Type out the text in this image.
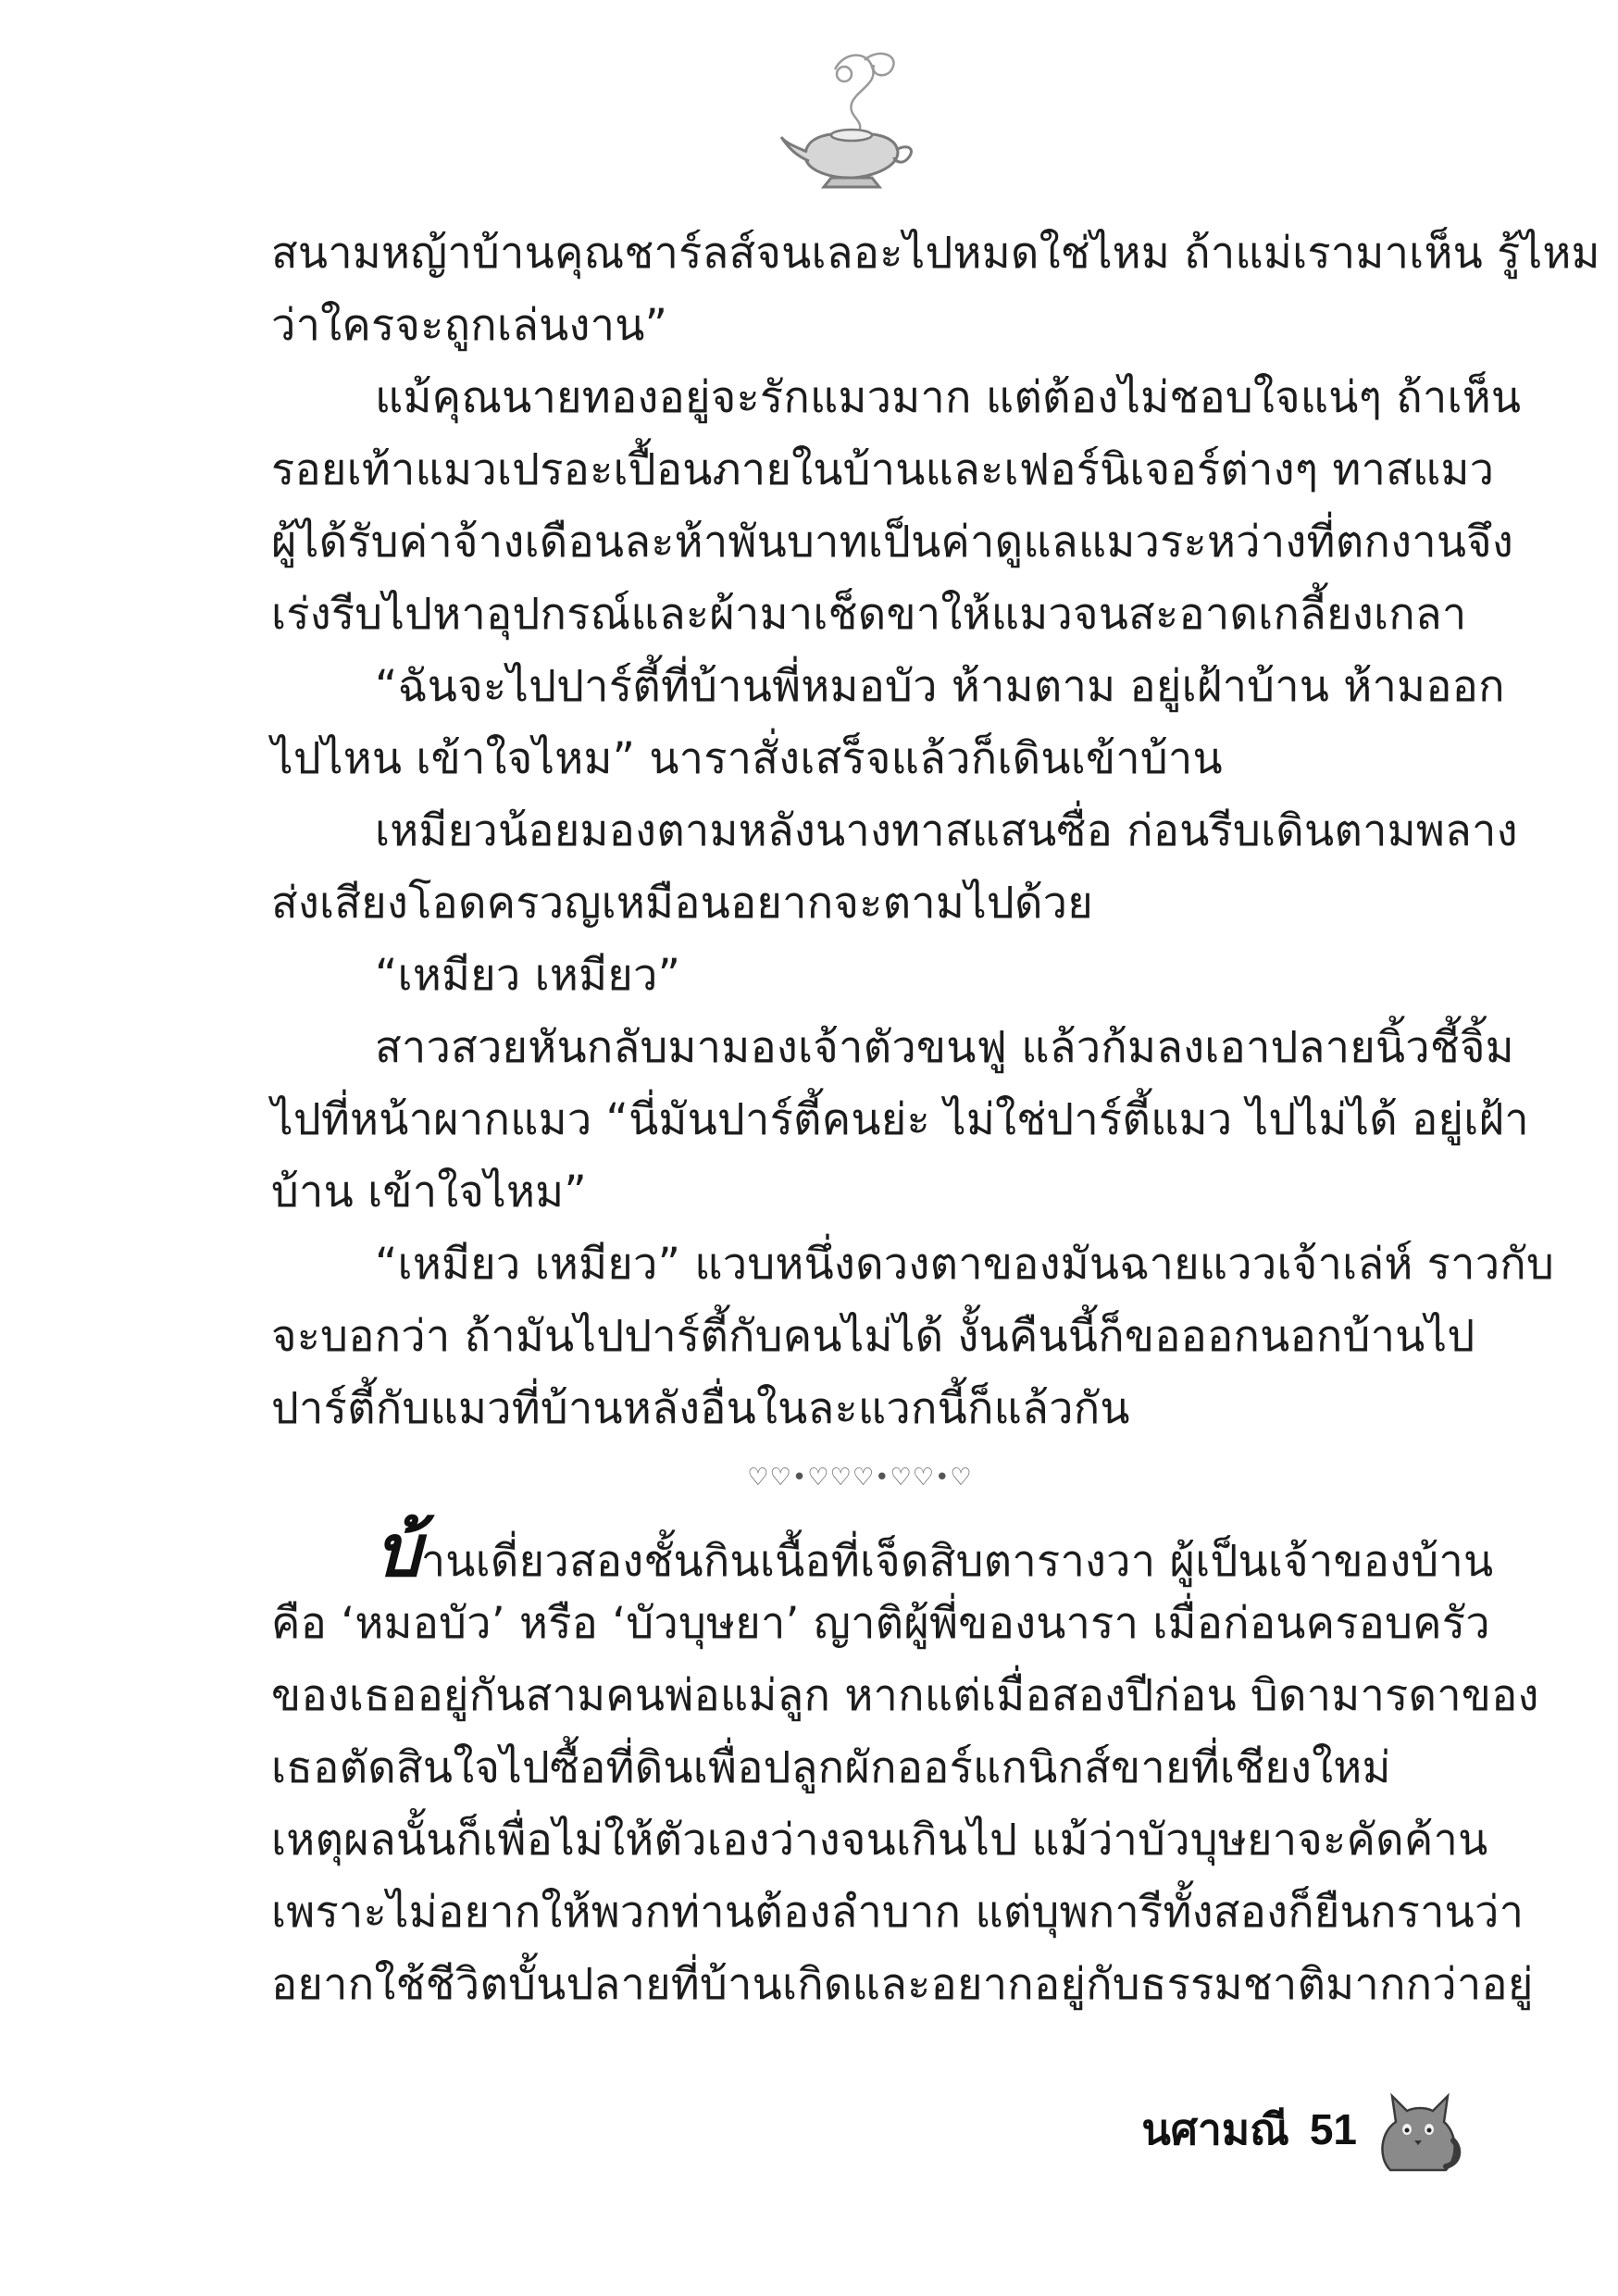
สนามหญ้าบ้านคุณชาร์ลส์จนเลอะไปหมดใช่ไหม ถ้าแม่เรามาเห็น รู้ไหม
ว่าใครจะถูกเล่นงาน”
แม้คุณนายทองอยู่จะรักแมวมาก แต่ต้องไม่ชอบใจแน่ๆ ถ้าเห็น
รอยเท้าแมวเปรอะเปื้อนภายในบ้านและเฟอร์นิเจอร์ต่างๆ ทาสแมว
ผู้ได้รับค่าจ้างเดือนละห้าพันบาทเป็นค่าดูแลแมวระหว่างที่ตกงานจึง
เร่งรีบไปหาอุปกรณ์และผ้ามาเช็ดขาให้แมวจนสะอาดเกลี้ยงเกลา
“ฉันจะไปปาร์ตี้ที่บ้านพี่หมอบัว ห้ามตาม อยู่เฝ้าบ้าน ห้ามออก
ไปไหน เข้าใจไหม” นาราสั่งเสร็จแล้วก็เดินเข้าบ้าน
เหมียวน้อยมองตามหลังนางทาสแสนซื่อ ก่อนรีบเดินตามพลาง
ส่งเสียงโอดครวญเหมือนอยากจะตามไปด้วย
“เหมียว เหมียว”
สาวสวยหันกลับมามองเจ้าตัวขนฟู แล้วก้มลงเอาปลายนิ้วชี้จิ้ม
ไปที่หน้าผากแมว “นี่มันปาร์ตี้คนย่ะ ไม่ใช่ปาร์ตี้แมว ไปไม่ได้ อยู่เฝ้า
บ้าน เข้าใจไหม”
“เหมียว เหมียว” แวบหนึ่งดวงตาของมันฉายแววเจ้าเล่ห์ ราวกับ
จะบอกว่า ถ้ามันไปปาร์ตี้กับคนไม่ได้ งั้นคืนนี้ก็ขอออกนอกบ้านไป
ปาร์ตี้กับแมวที่บ้านหลังอื่นในละแวกนี้ก็แล้วกัน
♡♡•♡♡♡•♡♡•♡
บ้านเดี่ยวสองชั้นกินเนื้อที่เจ็ดสิบตารางวา ผู้เป็นเจ้าของบ้าน
คือ ‘หมอบัว’ หรือ ‘บัวบุษยา’ ญาติผู้พี่ของนารา เมื่อก่อนครอบครัว
ของเธออยู่กันสามคนพ่อแม่ลูก หากแต่เมื่อสองปีก่อน บิดามารดาของ
เธอตัดสินใจไปซื้อที่ดินเพื่อปลูกผักออร์แกนิกส์ขายที่เชียงใหม่
เหตุผลนั้นก็เพื่อไม่ให้ตัวเองว่างจนเกินไป แม้ว่าบัวบุษยาจะคัดค้าน
เพราะไม่อยากให้พวกท่านต้องลำบาก แต่บุพการีทั้งสองก็ยืนกรานว่า
อยากใช้ชีวิตบั้นปลายที่บ้านเกิดและอยากอยู่กับธรรมชาติมากกว่าอยู่
นศามณี 51
